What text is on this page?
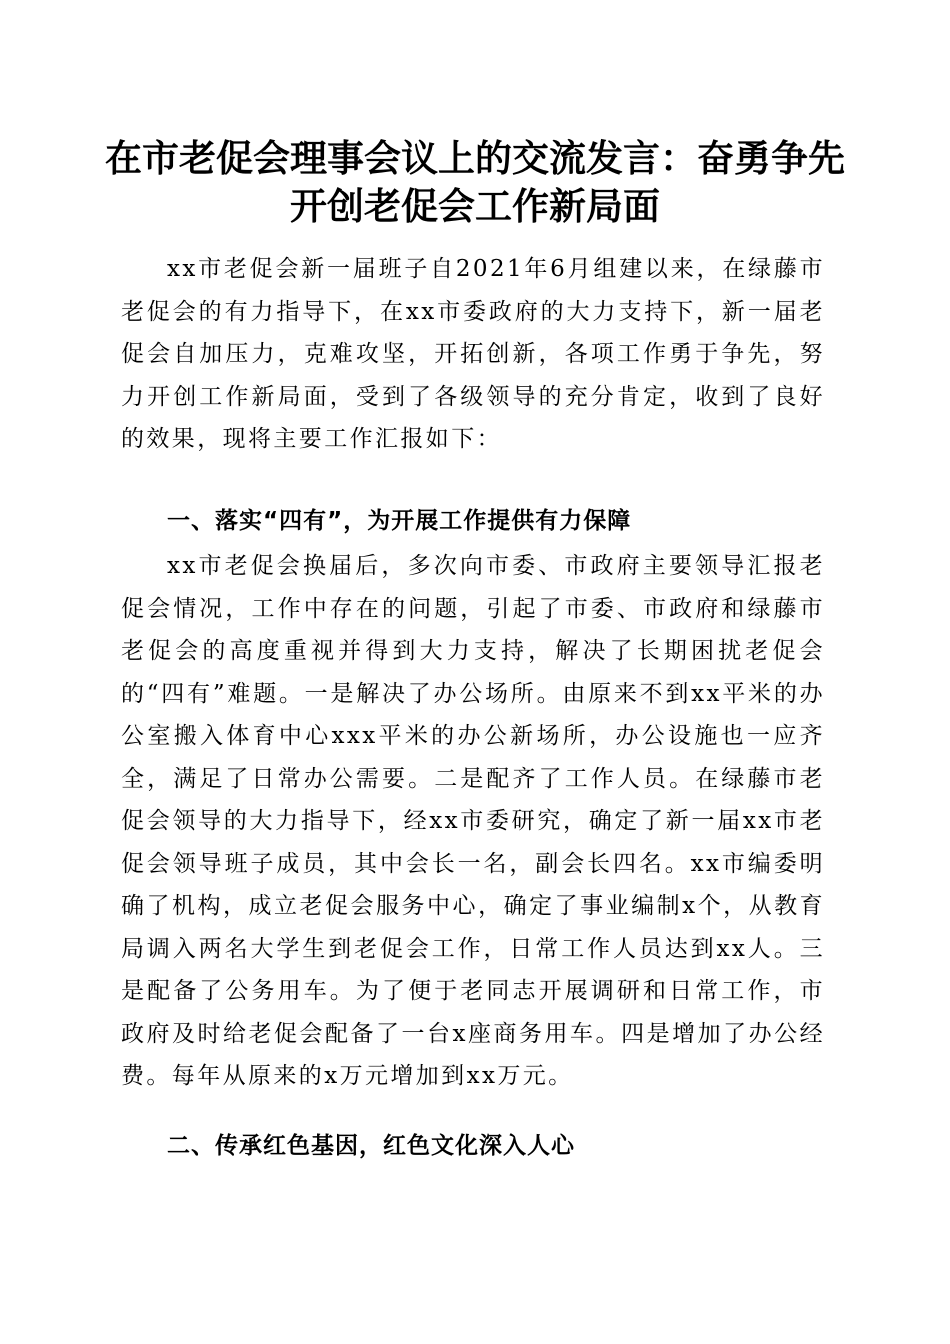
在市老促会理事会议上的交流发言：奋勇争先
开创老促会工作新局面

xx市老促会新一届班子自2021年6月组建以来，在绿藤市老促会的有力指导下，在xx市委政府的大力支持下，新一届老促会自加压力，克难攻坚，开拓创新，各项工作勇于争先，努力开创工作新局面，受到了各级领导的充分肯定，收到了良好的效果，现将主要工作汇报如下：

一、落实“四有”，为开展工作提供有力保障

xx市老促会换届后，多次向市委、市政府主要领导汇报老促会情况，工作中存在的问题，引起了市委、市政府和绿藤市老促会的高度重视并得到大力支持，解决了长期困扰老促会的“四有”难题。一是解决了办公场所。由原来不到xx平米的办公室搬入体育中心xxx平米的办公新场所，办公设施也一应齐全，满足了日常办公需要。二是配齐了工作人员。在绿藤市老促会领导的大力指导下，经xx市委研究，确定了新一届xx市老促会领导班子成员，其中会长一名，副会长四名。xx市编委明确了机构，成立老促会服务中心，确定了事业编制x个，从教育局调入两名大学生到老促会工作，日常工作人员达到xx人。三是配备了公务用车。为了便于老同志开展调研和日常工作，市政府及时给老促会配备了一台x座商务用车。四是增加了办公经费。每年从原来的x万元增加到xx万元。

二、传承红色基因，红色文化深入人心
